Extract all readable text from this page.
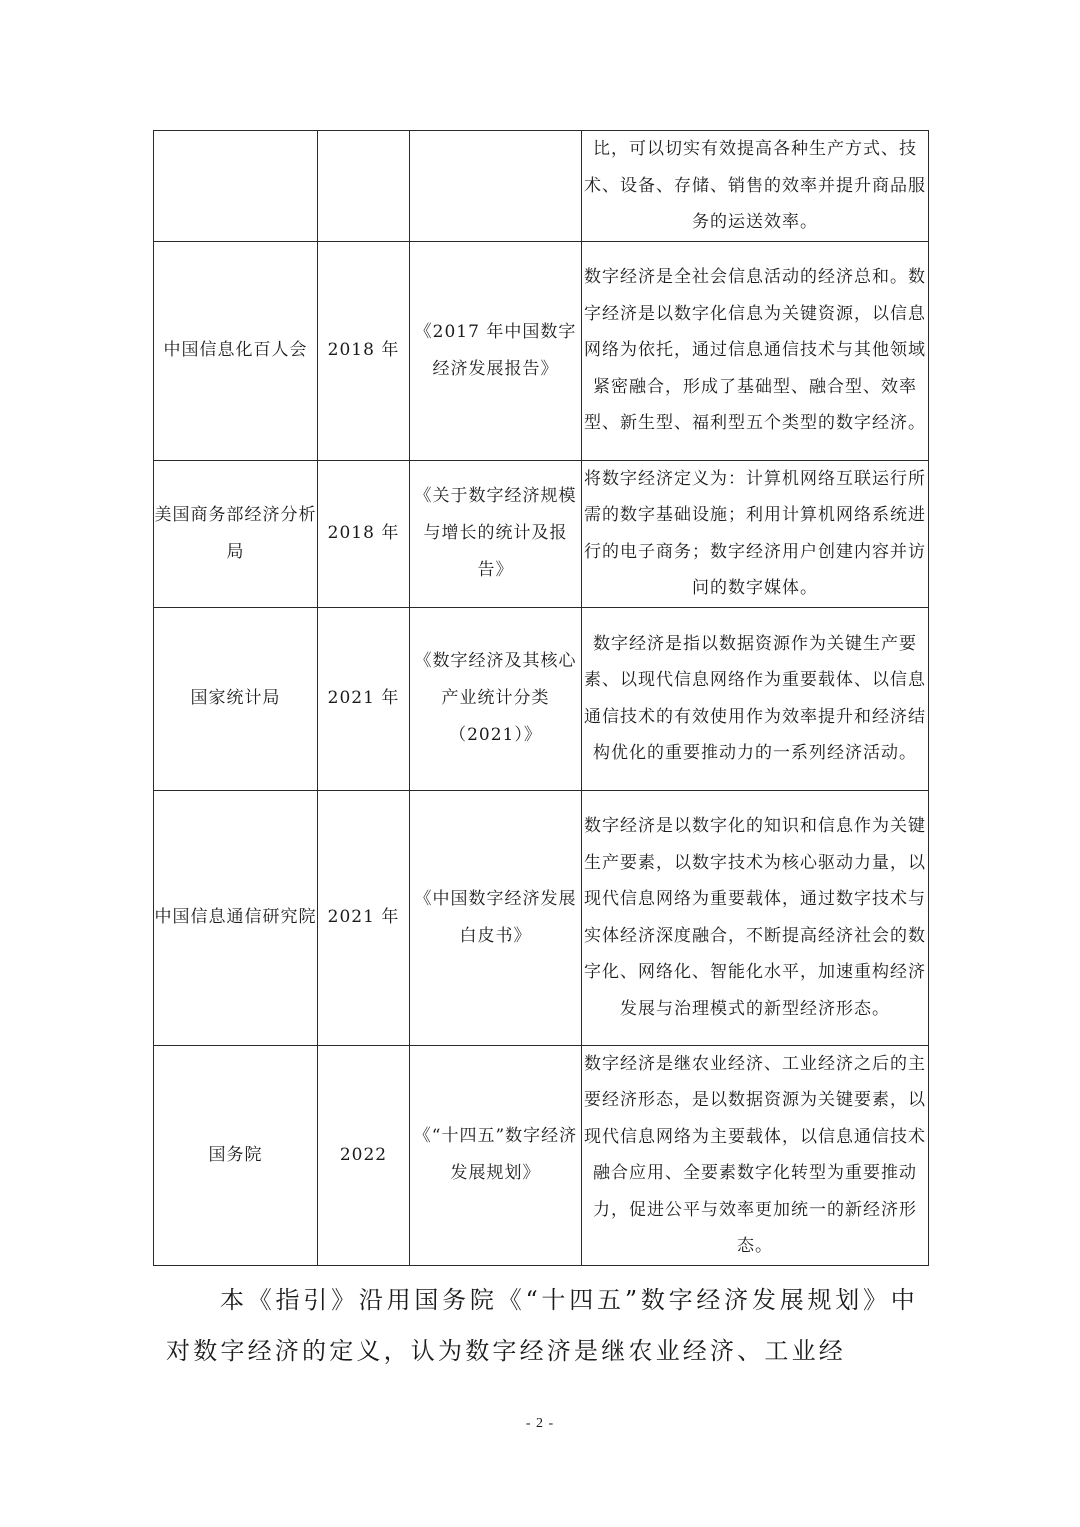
			比，可以切实有效提高各种生产方式、技术、设备、存储、销售的效率并提升商品服务的运送效率。

中国信息化百人会	2018 年	《2017 年中国数字经济发展报告》	数字经济是全社会信息活动的经济总和。数字经济是以数字化信息为关键资源，以信息网络为依托，通过信息通信技术与其他领域紧密融合，形成了基础型、融合型、效率型、新生型、福利型五个类型的数字经济。

美国商务部经济分析局	2018 年	《关于数字经济规模与增长的统计及报告》	将数字经济定义为：计算机网络互联运行所需的数字基础设施；利用计算机网络系统进行的电子商务；数字经济用户创建内容并访问的数字媒体。

国家统计局	2021 年	《数字经济及其核心产业统计分类（2021）》	数字经济是指以数据资源作为关键生产要素、以现代信息网络作为重要载体、以信息通信技术的有效使用作为效率提升和经济结构优化的重要推动力的一系列经济活动。

中国信息通信研究院	2021 年	《中国数字经济发展白皮书》	数字经济是以数字化的知识和信息作为关键生产要素，以数字技术为核心驱动力量，以现代信息网络为重要载体，通过数字技术与实体经济深度融合，不断提高经济社会的数字化、网络化、智能化水平，加速重构经济发展与治理模式的新型经济形态。

国务院	2022	《“十四五”数字经济发展规划》	数字经济是继农业经济、工业经济之后的主要经济形态，是以数据资源为关键要素，以现代信息网络为主要载体，以信息通信技术融合应用、全要素数字化转型为重要推动力，促进公平与效率更加统一的新经济形态。

本《指引》沿用国务院《“十四五”数字经济发展规划》中对数字经济的定义，认为数字经济是继农业经济、工业经

- 2 -
